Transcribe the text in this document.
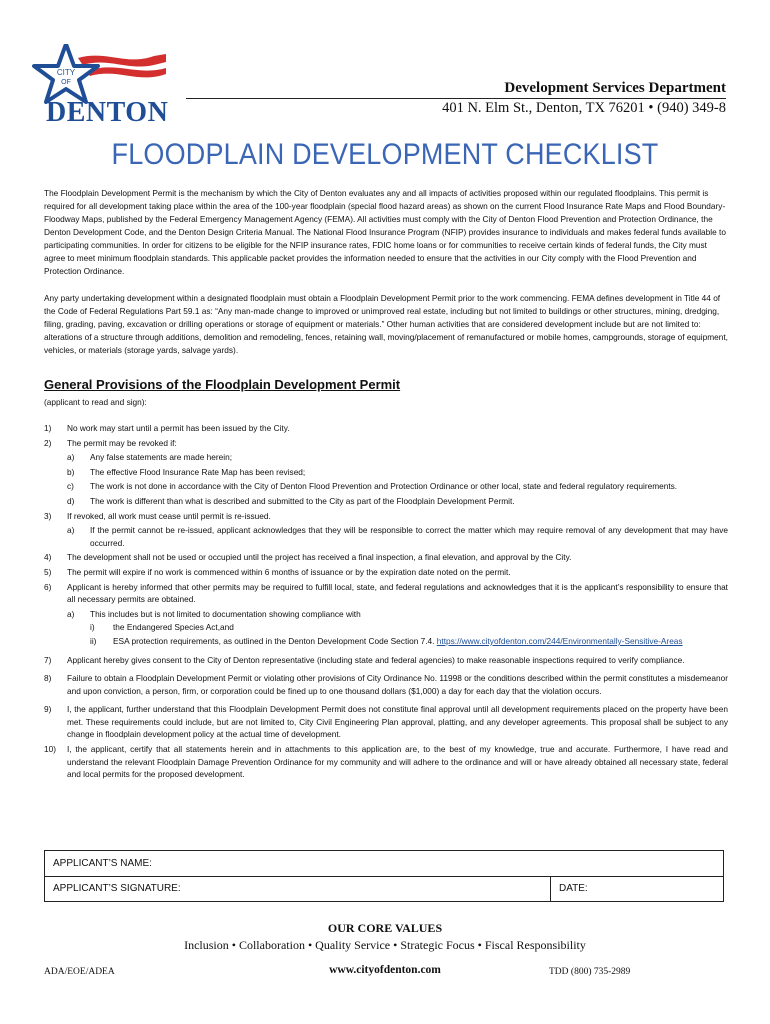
CITY
OF
DENTON
Development Services Department
401 N. Elm St., Denton, TX 76201 • (940) 349-8
FLOODPLAIN DEVELOPMENT CHECKLIST

The Floodplain Development Permit is the mechanism by which the City of Denton evaluates any and all impacts of activities proposed within our regulated floodplains. This permit is required for all development taking place within the area of the 100-year floodplain (special flood hazard areas) as shown on the current Flood Insurance Rate Maps and Flood Boundary-Floodway Maps, published by the Federal Emergency Management Agency (FEMA). All activities must comply with the City of Denton Flood Prevention and Protection Ordinance, the Denton Development Code, and the Denton Design Criteria Manual. The National Flood Insurance Program (NFIP) provides insurance to individuals and makes federal funds available to participating communities. In order for citizens to be eligible for the NFIP insurance rates, FDIC home loans or for communities to receive certain kinds of federal funds, the City must agree to meet minimum floodplain standards. This applicable packet provides the information needed to ensure that the activities in our City comply with the Flood Prevention and Protection Ordinance.

Any party undertaking development within a designated floodplain must obtain a Floodplain Development Permit prior to the work commencing. FEMA defines development in Title 44 of the Code of Federal Regulations Part 59.1 as: “Any man-made change to improved or unimproved real estate, including but not limited to buildings or other structures, mining, dredging, filing, grading, paving, excavation or drilling operations or storage of equipment or materials.” Other human activities that are considered development include but are not limited to: alterations of a structure through additions, demolition and remodeling, fences, retaining wall, moving/placement of remanufactured or mobile homes, campgrounds, storage of equipment, vehicles, or materials (storage yards, salvage yards).

General Provisions of the Floodplain Development Permit
(applicant to read and sign):
1) No work may start until a permit has been issued by the City.
2) The permit may be revoked if:
a) Any false statements are made herein;
b) The effective Flood Insurance Rate Map has been revised;
c) The work is not done in accordance with the City of Denton Flood Prevention and Protection Ordinance or other local, state and federal regulatory requirements.
d) The work is different than what is described and submitted to the City as part of the Floodplain Development Permit.
3) If revoked, all work must cease until permit is re-issued.
a) If the permit cannot be re-issued, applicant acknowledges that they will be responsible to correct the matter which may require removal of any development that may have occurred.
4) The development shall not be used or occupied until the project has received a final inspection, a final elevation, and approval by the City.
5) The permit will expire if no work is commenced within 6 months of issuance or by the expiration date noted on the permit.
6) Applicant is hereby informed that other permits may be required to fulfill local, state, and federal regulations and acknowledges that it is the applicant’s responsibility to ensure that all necessary permits are obtained.
a) This includes but is not limited to documentation showing compliance with
i) the Endangered Species Act,and
ii) ESA protection requirements, as outlined in the Denton Development Code Section 7.4. https://www.cityofdenton.com/244/Environmentally-Sensitive-Areas
7) Applicant hereby gives consent to the City of Denton representative (including state and federal agencies) to make reasonable inspections required to verify compliance.
8) Failure to obtain a Floodplain Development Permit or violating other provisions of City Ordinance No. 11998 or the conditions described within the permit constitutes a misdemeanor and upon conviction, a person, firm, or corporation could be fined up to one thousand dollars ($1,000) a day for each day that the violation occurs.
9) I, the applicant, further understand that this Floodplain Development Permit does not constitute final approval until all development requirements placed on the property have been met. These requirements could include, but are not limited to, City Civil Engineering Plan approval, platting, and any developer agreements. This proposal shall be subject to any change in floodplain development policy at the actual time of development.
10) I, the applicant, certify that all statements herein and in attachments to this application are, to the best of my knowledge, true and accurate. Furthermore, I have read and understand the relevant Floodplain Damage Prevention Ordinance for my community and will adhere to the ordinance and will or have already obtained all necessary state, federal and local permits for the proposed development.
APPLICANT’S NAME:
APPLICANT’S SIGNATURE:	DATE:
OUR CORE VALUES
Inclusion • Collaboration • Quality Service • Strategic Focus • Fiscal Responsibility
ADA/EOE/ADEA	www.cityofdenton.com	TDD (800) 735-2989
